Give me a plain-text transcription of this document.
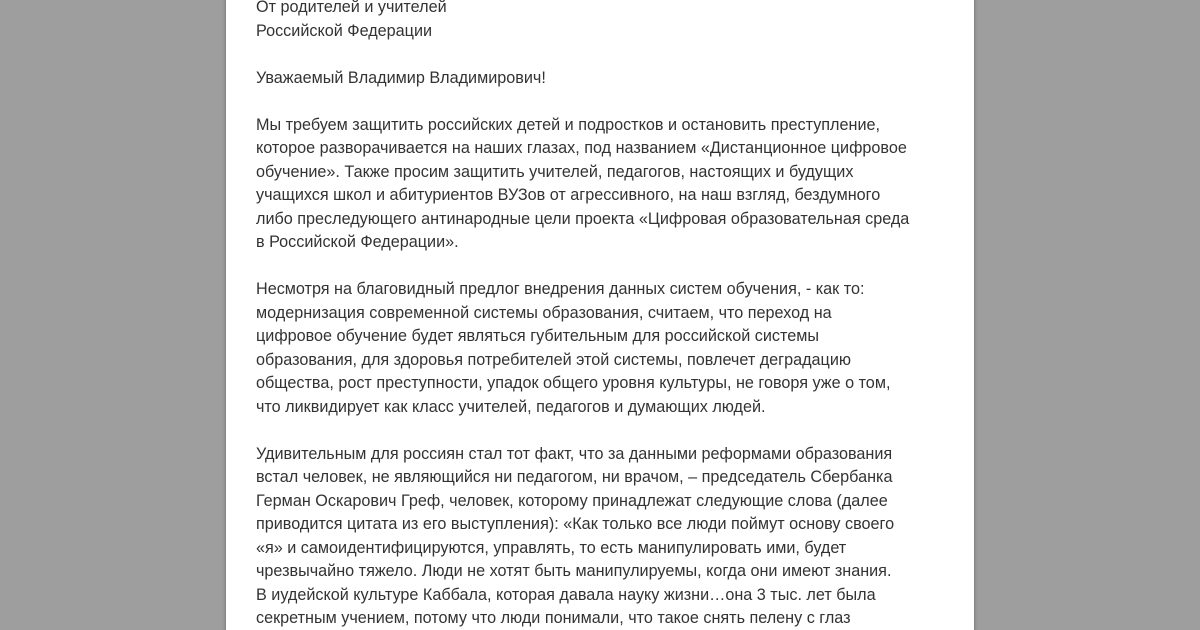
От родителей и учителей
Российской Федерации
Уважаемый Владимир Владимирович!
Мы требуем защитить российских детей и подростков и остановить преступление,
которое разворачивается на наших глазах, под названием «Дистанционное цифровое
обучение». Также просим защитить учителей, педагогов, настоящих и будущих
учащихся школ и абитуриентов ВУЗов от агрессивного, на наш взгляд, бездумного
либо преследующего антинародные цели проекта «Цифровая образовательная среда
в Российской Федерации».
Несмотря на благовидный предлог внедрения данных систем обучения, ‑ как то:
модернизация современной системы образования, считаем, что переход на
цифровое обучение будет являться губительным для российской системы
образования, для здоровья потребителей этой системы, повлечет деградацию
общества, рост преступности, упадок общего уровня культуры, не говоря уже о том,
что ликвидирует как класс учителей, педагогов и думающих людей.
Удивительным для россиян стал тот факт, что за данными реформами образования
встал человек, не являющийся ни педагогом, ни врачом, ‒ председатель Сбербанка
Герман Оскарович Греф, человек, которому принадлежат следующие слова (далее
приводится цитата из его выступления): «Как только все люди поймут основу своего
«я» и самоидентифицируются, управлять, то есть манипулировать ими, будет
чрезвычайно тяжело. Люди не хотят быть манипулируемы, когда они имеют знания.
В иудейской культуре Каббала, которая давала науку жизни…она 3 тыс. лет была
секретным учением, потому что люди понимали, что такое снять пелену с глаз
